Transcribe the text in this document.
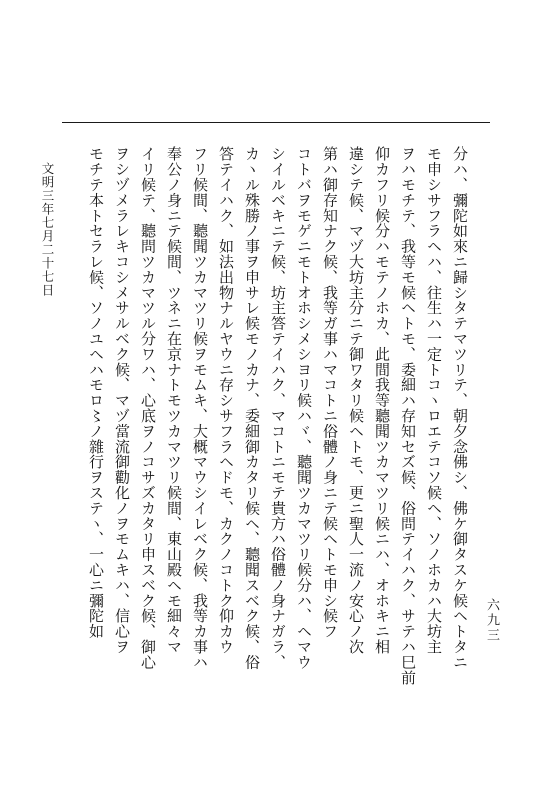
六九三
分ハ、彌陀如來ニ歸シタテマツリテ、朝夕念佛シ、佛ケ御タスケ候ヘトタニ
モ申シサフラヘハ、往生ハ一定トコヽロエテコソ候ヘ、ソノホカハ大坊主
ヲハモチテ、我等モ候ヘトモ、委細ハ存知セズ候、俗問テイハク、サテハ巳前
仰カフリ候分ハモテノホカ、此間我等聽聞ツカマツリ候ニハ、オホキニ相
違シテ候、マヅ大坊主分ニテ御ワタリ候ヘトモ、更ニ聖人一流ノ安心ノ次
第ハ御存知ナク候、我等ガ事ハマコトニ俗體ノ身ニテ候ヘトモ申シ候フ
コトバヲモゲニモトオホシメシヨリ候ハヾ、聽聞ツカマツリ候分ハ、ヘマウ
シイルベキニテ候、坊主答テイハク、マコトニモテ貴方ハ俗體ノ身ナガラ、
カヽル殊勝ノ事ヲ申サレ候モノカナ、委細御カタリ候ヘ、聽聞スベク候、俗
答テイハク、如法出物ナルヤウニ存シサフラヘドモ、カクノコトク仰カウ
フリ候間、聽聞ツカマツリ候ヲモムキ、大概マウシイレベク候、我等カ事ハ
奉公ノ身ニテ候間、ツネニ在京ナトモツカマツリ候間、東山殿ヘモ細々マ
イリ候テ、聽問ツカマツル分ワハ、心底ヲノコサズカタリ申スベク候、御心
ヲシヅメラレキコシメサルベク候、マヅ當流御勸化ノヲモムキハ、信心ヲ
モチテ本トセラレ候、ソノユヘハモロ〻ノ雜行ヲステヽ、一心ニ彌陀如
文明三年七月二十七日
